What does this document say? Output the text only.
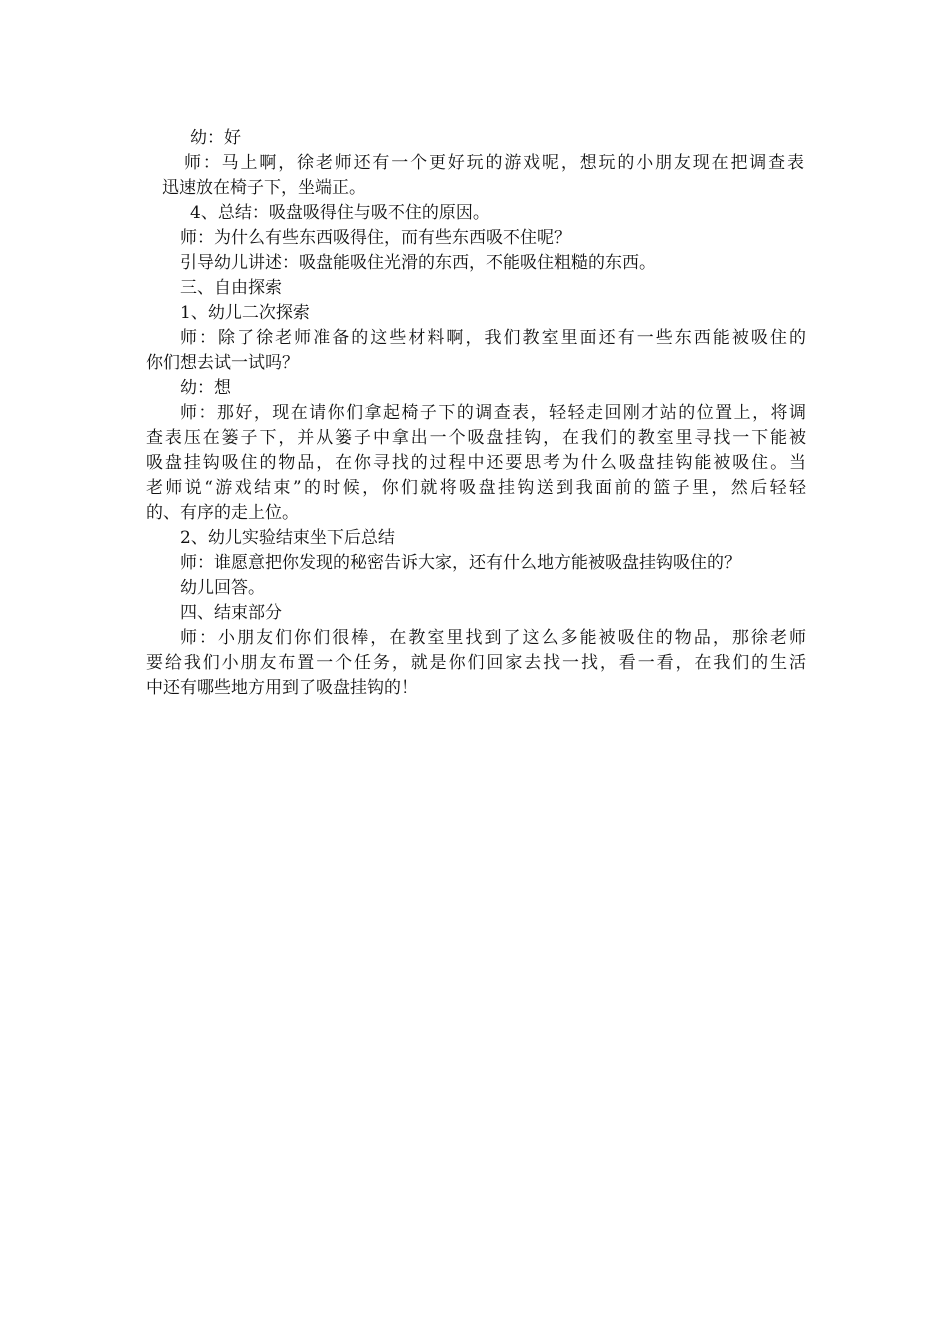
幼：好
师：马上啊，徐老师还有一个更好玩的游戏呢，想玩的小朋友现在把调查表
迅速放在椅子下，坐端正。
4、总结：吸盘吸得住与吸不住的原因。
师：为什么有些东西吸得住，而有些东西吸不住呢？
引导幼儿讲述：吸盘能吸住光滑的东西，不能吸住粗糙的东西。
三、自由探索
1、幼儿二次探索
师：除了徐老师准备的这些材料啊，我们教室里面还有一些东西能被吸住的
你们想去试一试吗？
幼：想
师：那好，现在请你们拿起椅子下的调查表，轻轻走回刚才站的位置上，将调
查表压在篓子下，并从篓子中拿出一个吸盘挂钩，在我们的教室里寻找一下能被
吸盘挂钩吸住的物品，在你寻找的过程中还要思考为什么吸盘挂钩能被吸住。当
老师说“游戏结束”的时候，你们就将吸盘挂钩送到我面前的篮子里，然后轻轻
的、有序的走上位。
2、幼儿实验结束坐下后总结
师：谁愿意把你发现的秘密告诉大家，还有什么地方能被吸盘挂钩吸住的？
幼儿回答。
四、结束部分
师：小朋友们你们很棒，在教室里找到了这么多能被吸住的物品，那徐老师
要给我们小朋友布置一个任务，就是你们回家去找一找，看一看，在我们的生活
中还有哪些地方用到了吸盘挂钩的！
